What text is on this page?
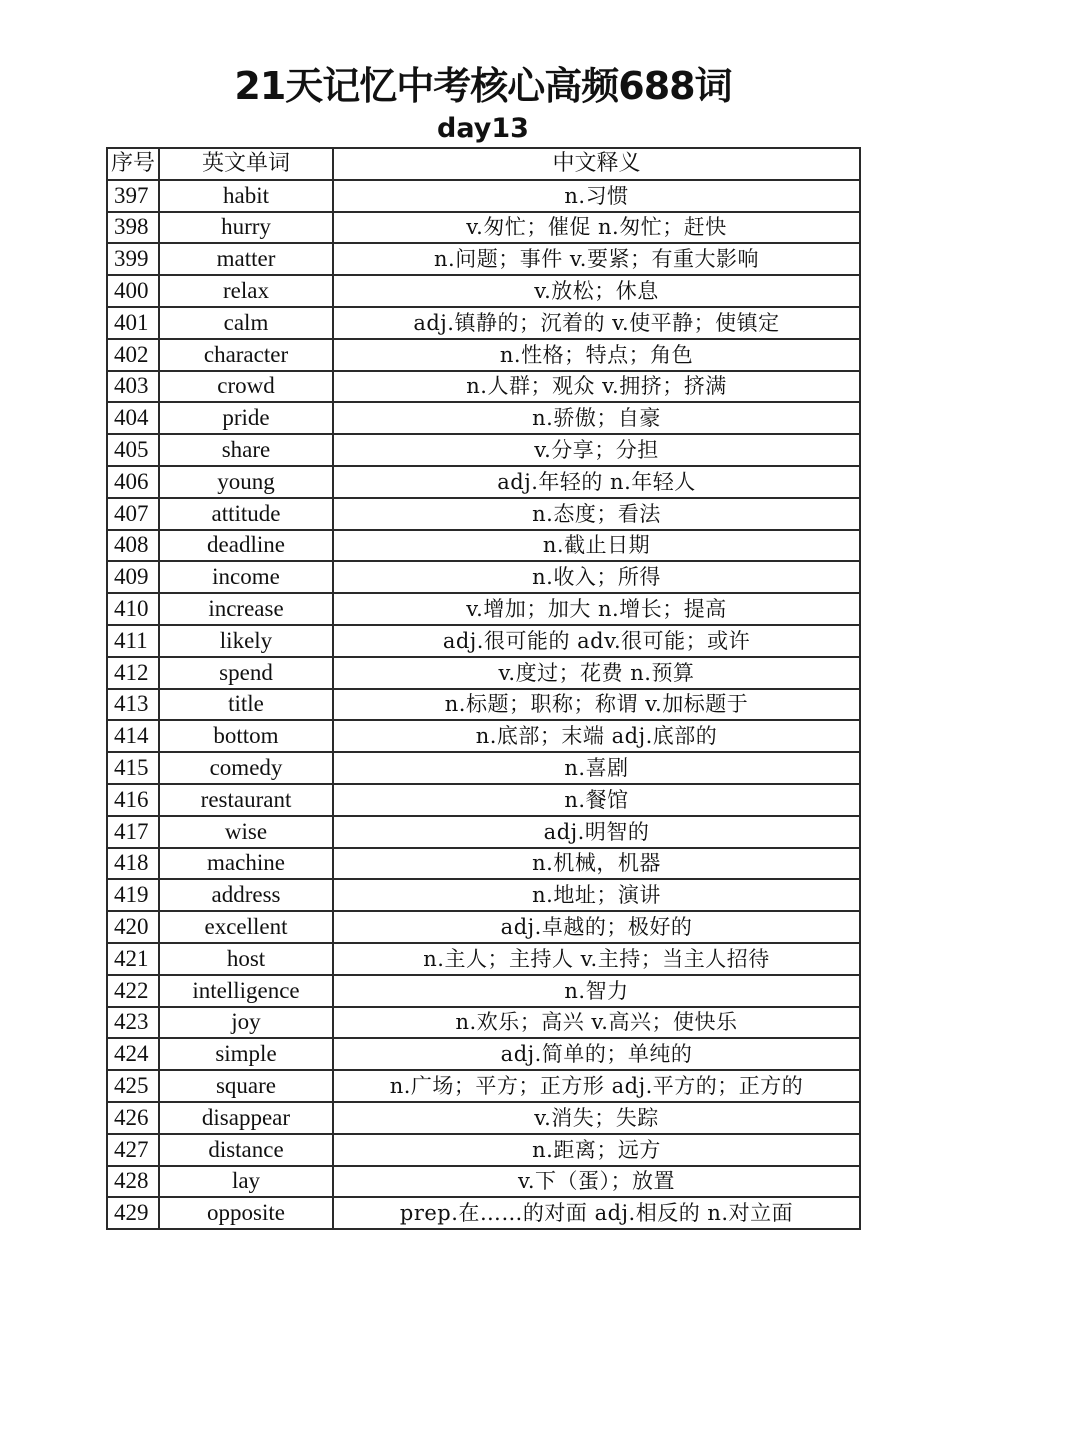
21天记忆中考核心高频688词
day13
序号	英文单词	中文释义
397	habit	n.习惯
398	hurry	v.匆忙；催促 n.匆忙；赶快
399	matter	n.问题；事件 v.要紧；有重大影响
400	relax	v.放松；休息
401	calm	adj.镇静的；沉着的 v.使平静；使镇定
402	character	n.性格；特点；角色
403	crowd	n.人群；观众 v.拥挤；挤满
404	pride	n.骄傲；自豪
405	share	v.分享；分担
406	young	adj.年轻的 n.年轻人
407	attitude	n.态度；看法
408	deadline	n.截止日期
409	income	n.收入；所得
410	increase	v.增加；加大 n.增长；提高
411	likely	adj.很可能的 adv.很可能；或许
412	spend	v.度过；花费 n.预算
413	title	n.标题；职称；称谓 v.加标题于
414	bottom	n.底部；末端 adj.底部的
415	comedy	n.喜剧
416	restaurant	n.餐馆
417	wise	adj.明智的
418	machine	n.机械，机器
419	address	n.地址；演讲
420	excellent	adj.卓越的；极好的
421	host	n.主人；主持人 v.主持；当主人招待
422	intelligence	n.智力
423	joy	n.欢乐；高兴 v.高兴；使快乐
424	simple	adj.简单的；单纯的
425	square	n.广场；平方；正方形 adj.平方的；正方的
426	disappear	v.消失；失踪
427	distance	n.距离；远方
428	lay	v.下（蛋）；放置
429	opposite	prep.在……的对面 adj.相反的 n.对立面
